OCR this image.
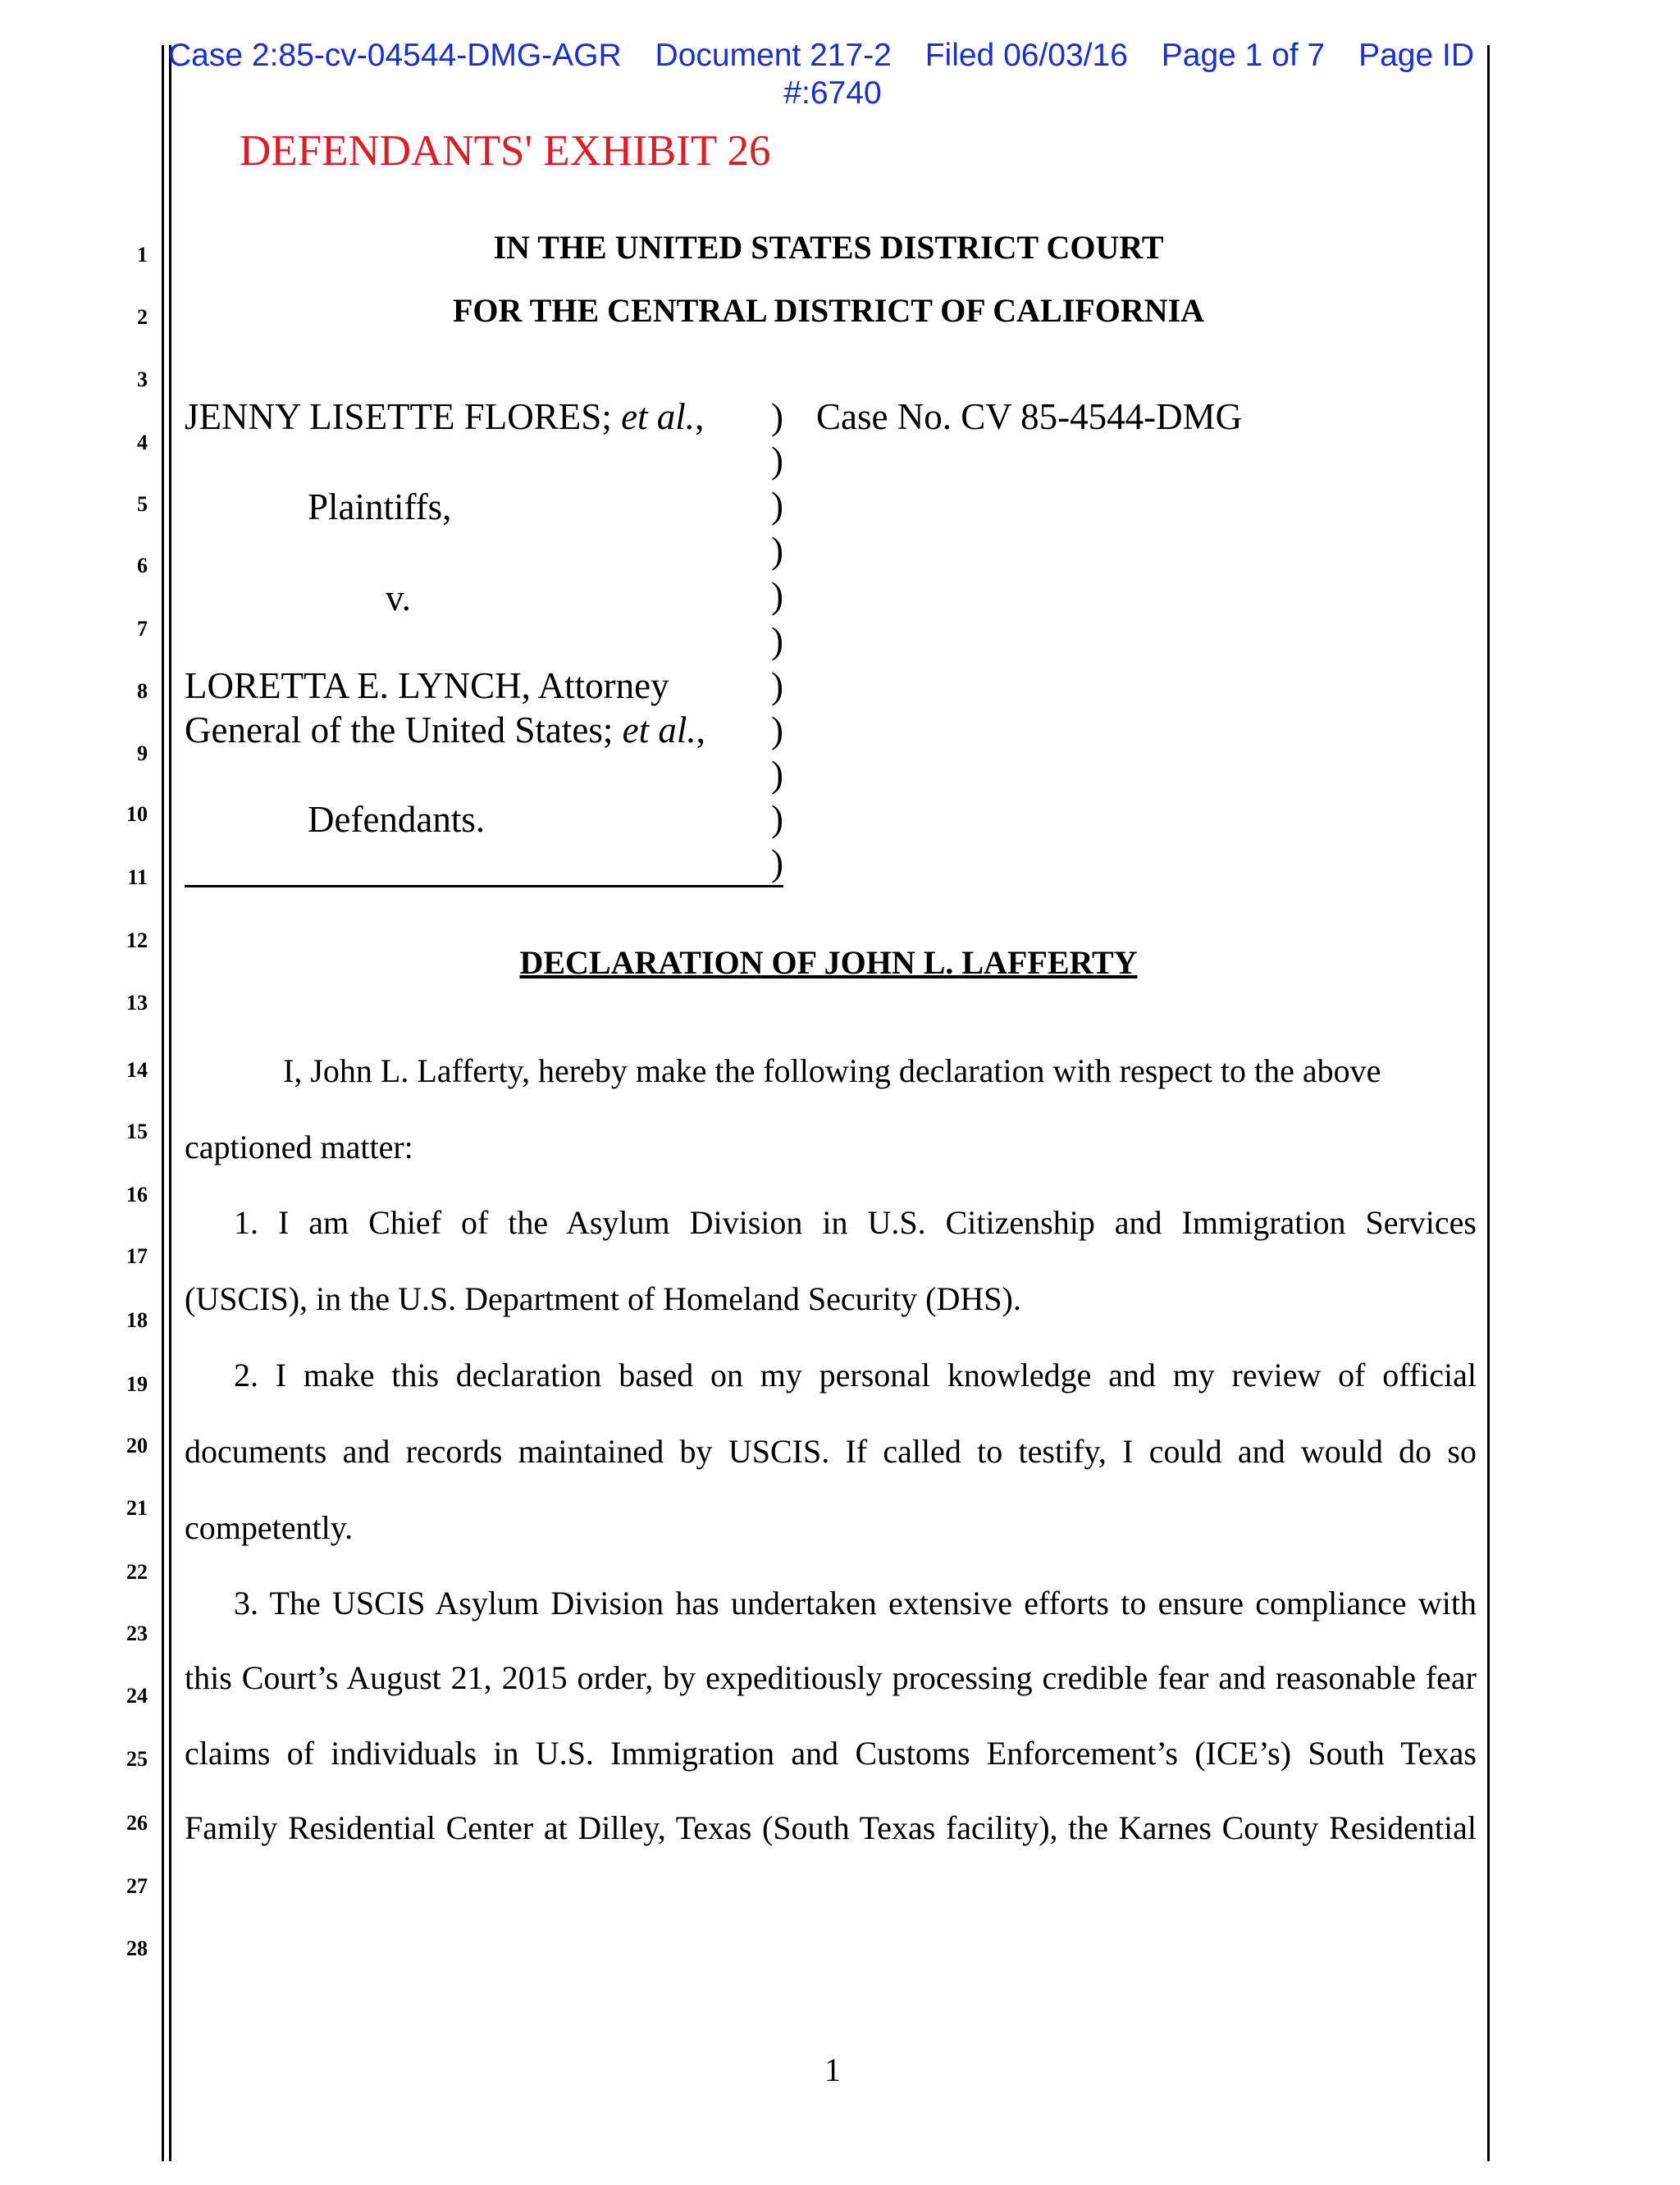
Case 2:85-cv-04544-DMG-AGR Document 217-2 Filed 06/03/16 Page 1 of 7 Page ID
#:6740
DEFENDANTS' EXHIBIT 26
1
2
3
4
5
6
7
8
9
10
11
12
13
14
15
16
17
18
19
20
21
22
23
24
25
26
27
28
IN THE UNITED STATES DISTRICT COURT
FOR THE CENTRAL DISTRICT OF CALIFORNIA
JENNY LISETTE FLORES; et al.,
Plaintiffs,
v.
LORETTA E. LYNCH, Attorney
General of the United States; et al.,
Defendants.
)
)
)
)
)
)
)
)
)
)
)
Case No. CV 85-4544-DMG
DECLARATION OF JOHN L. LAFFERTY
I, John L. Lafferty, hereby make the following declaration with respect to the above
captioned matter:
1. I am Chief of the Asylum Division in U.S. Citizenship and Immigration Services
(USCIS), in the U.S. Department of Homeland Security (DHS).
2. I make this declaration based on my personal knowledge and my review of official
documents and records maintained by USCIS. If called to testify, I could and would do so
competently.
3. The USCIS Asylum Division has undertaken extensive efforts to ensure compliance with
this Court’s August 21, 2015 order, by expeditiously processing credible fear and reasonable fear
claims of individuals in U.S. Immigration and Customs Enforcement’s (ICE’s) South Texas
Family Residential Center at Dilley, Texas (South Texas facility), the Karnes County Residential
1
